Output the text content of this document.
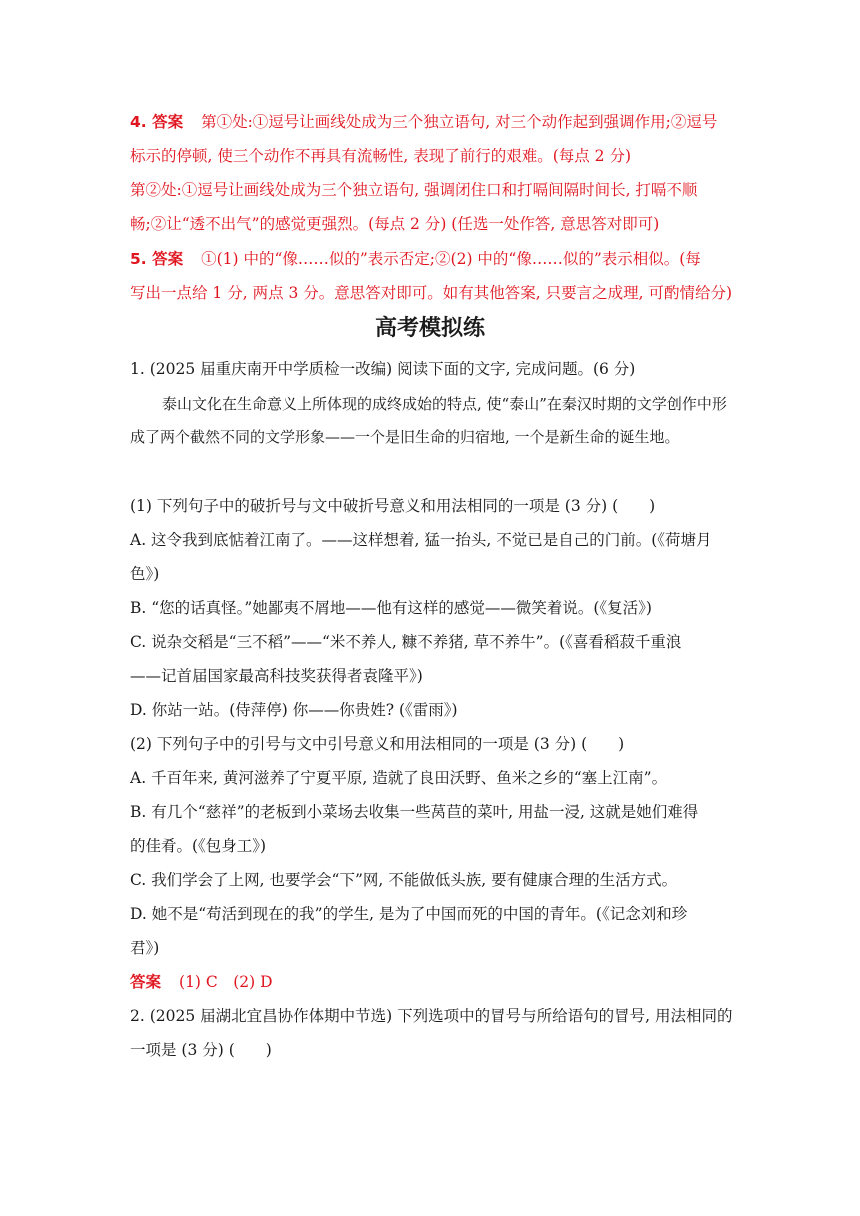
4. 答案 第①处:①逗号让画线处成为三个独立语句, 对三个动作起到强调作用;②逗号

标示的停顿, 使三个动作不再具有流畅性, 表现了前行的艰难。(每点 2 分)

第②处:①逗号让画线处成为三个独立语句, 强调闭住口和打嗝间隔时间长, 打嗝不顺

畅;②让“透不出气”的感觉更强烈。(每点 2 分) (任选一处作答, 意思答对即可)

5. 答案 ①(1) 中的“像……似的”表示否定;②(2) 中的“像……似的”表示相似。(每

写出一点给 1 分, 两点 3 分。意思答对即可。如有其他答案, 只要言之成理, 可酌情给分)

高考模拟练

1. (2025 届重庆南开中学质检一改编) 阅读下面的文字, 完成问题。(6 分)

泰山文化在生命意义上所体现的成终成始的特点, 使“泰山”在秦汉时期的文学创作中形成了两个截然不同的文学形象——一个是旧生命的归宿地, 一个是新生命的诞生地。

(1) 下列句子中的破折号与文中破折号意义和用法相同的一项是 (3 分) (　　)

A. 这令我到底惦着江南了。——这样想着, 猛一抬头, 不觉已是自己的门前。(《荷塘月

色》)

B. “您的话真怪。”她鄙夷不屑地——他有这样的感觉——微笑着说。(《复活》)

C. 说杂交稻是“三不稻”——“米不养人, 糠不养猪, 草不养牛”。(《喜看稻菽千重浪

——记首届国家最高科技奖获得者袁隆平》)

D. 你站一站。(侍萍停) 你——你贵姓? (《雷雨》)

(2) 下列句子中的引号与文中引号意义和用法相同的一项是 (3 分) (　　)

A. 千百年来, 黄河滋养了宁夏平原, 造就了良田沃野、鱼米之乡的“塞上江南”。

B. 有几个“慈祥”的老板到小菜场去收集一些莴苣的菜叶, 用盐一浸, 这就是她们难得

的佳肴。(《包身工》)

C. 我们学会了上网, 也要学会“下”网, 不能做低头族, 要有健康合理的生活方式。

D. 她不是“苟活到现在的我”的学生, 是为了中国而死的中国的青年。(《记念刘和珍

君》)

答案 (1) C　(2) D

2. (2025 届湖北宜昌协作体期中节选) 下列选项中的冒号与所给语句的冒号, 用法相同的

一项是 (3 分) (　　)
